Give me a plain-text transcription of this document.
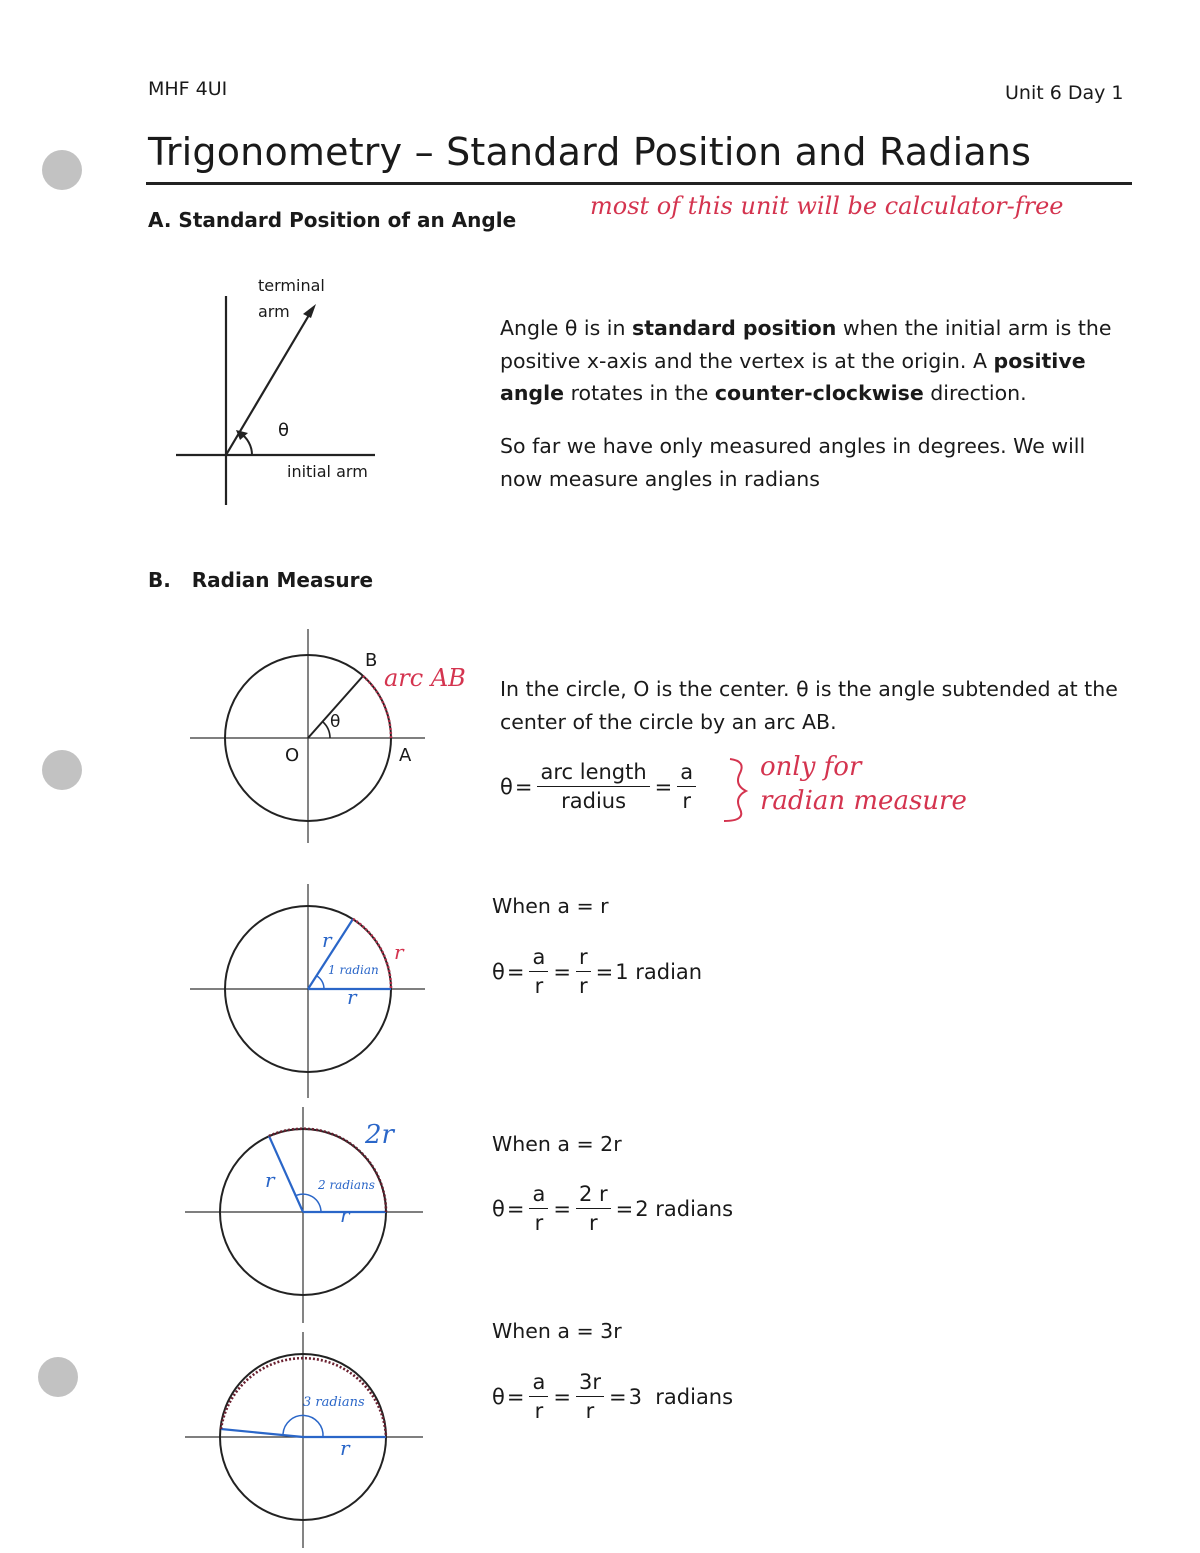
MHF 4UI	Unit 6 Day 1
Trigonometry – Standard Position and Radians
A. Standard Position of an Angle	most of this unit will be calculator-free
terminal
arm
θ
initial arm
Angle θ is in standard position when the initial arm is the positive x-axis and the vertex is at the origin. A positive angle rotates in the counter-clockwise direction.
So far we have only measured angles in degrees. We will now measure angles in radians
B.   Radian Measure
B
A
O
θ
arc AB In the circle, O is the center. θ is the angle subtended at the center of the circle by an arc AB.
$\theta = \frac{\text{arc length}}{\text{radius}} = \frac{a}{r}$ only for
radian measure
r
r
r
1 radian
When a = r
$\theta = \frac{a}{r} = \frac{r}{r} = 1$ radian
2r
r
r
2 radians
When a = 2r
$\theta = \frac{a}{r} = \frac{2 r}{r} = 2$ radians
r
3 radians
When a = 3r
$\theta = \frac{a}{r} = \frac{3r}{r} = 3$  radians
